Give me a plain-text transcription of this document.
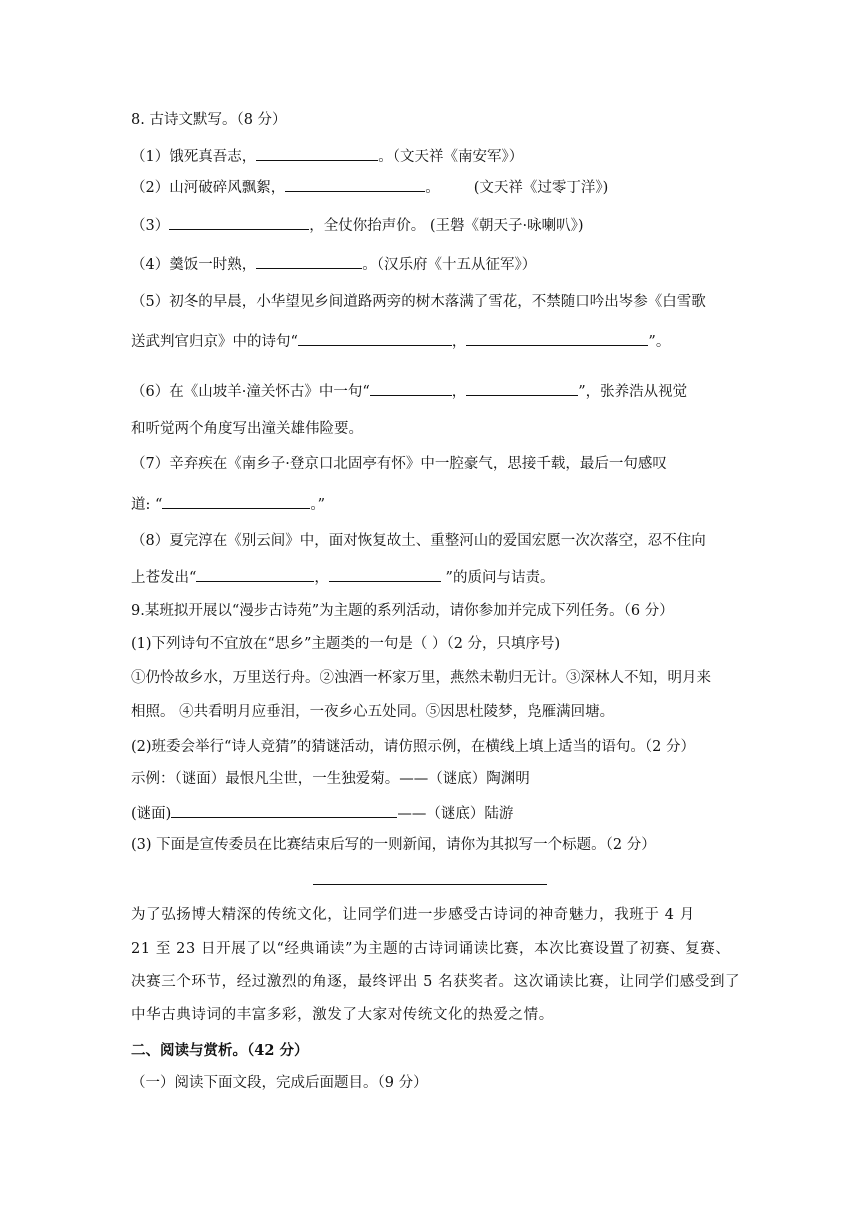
8. 古诗文默写。（8 分）
（1）饿死真吾志，	。（文天祥《南安军》）
（2）山河破碎风飘絮，	。 (文天祥《过零丁洋》)
（3）	，全仗你抬声价。 (王磐《朝天子·咏喇叭》)
（4）羹饭一时熟，	。（汉乐府《十五从征军》）
（5）初冬的早晨，小华望见乡间道路两旁的树木落满了雪花，不禁随口吟出岑参《白雪歌
送武判官归京》中的诗句“	，	”。
（6）在《山坡羊·潼关怀古》中一句“	，	”，张养浩从视觉
和听觉两个角度写出潼关雄伟险要。
（7）辛弃疾在《南乡子·登京口北固亭有怀》中一腔豪气，思接千载，最后一句感叹
道: “	。”
（8）夏完淳在《别云间》中，面对恢复故土、重整河山的爱国宏愿一次次落空，忍不住向
上苍发出“	，	”的质问与诘责。
9.某班拟开展以“漫步古诗苑”为主题的系列活动，请你参加并完成下列任务。（6 分）
(1)下列诗句不宜放在“思乡”主题类的一句是（ ）（2 分，只填序号)
①仍怜故乡水，万里送行舟。②浊酒一杯家万里，燕然未勒归无计。③深林人不知，明月来
相照。 ④共看明月应垂泪，一夜乡心五处同。⑤因思杜陵梦，凫雁满回塘。
(2)班委会举行“诗人竞猜”的猜谜活动，请仿照示例，在横线上填上适当的语句。（2 分）
示例：（谜面）最恨凡尘世，一生独爱菊。——（谜底）陶渊明
(谜面)	——（谜底）陆游
(3) 下面是宣传委员在比赛结束后写的一则新闻，请你为其拟写一个标题。（2 分）
为了弘扬博大精深的传统文化，让同学们进一步感受古诗词的神奇魅力，我班于 4 月
21 至 23 日开展了以“经典诵读”为主题的古诗词诵读比赛，本次比赛设置了初赛、复赛、
决赛三个环节，经过激烈的角逐，最终评出 5 名获奖者。这次诵读比赛，让同学们感受到了
中华古典诗词的丰富多彩，激发了大家对传统文化的热爱之情。
二、阅读与赏析。（42 分）
（一）阅读下面文段，完成后面题目。（9 分）
